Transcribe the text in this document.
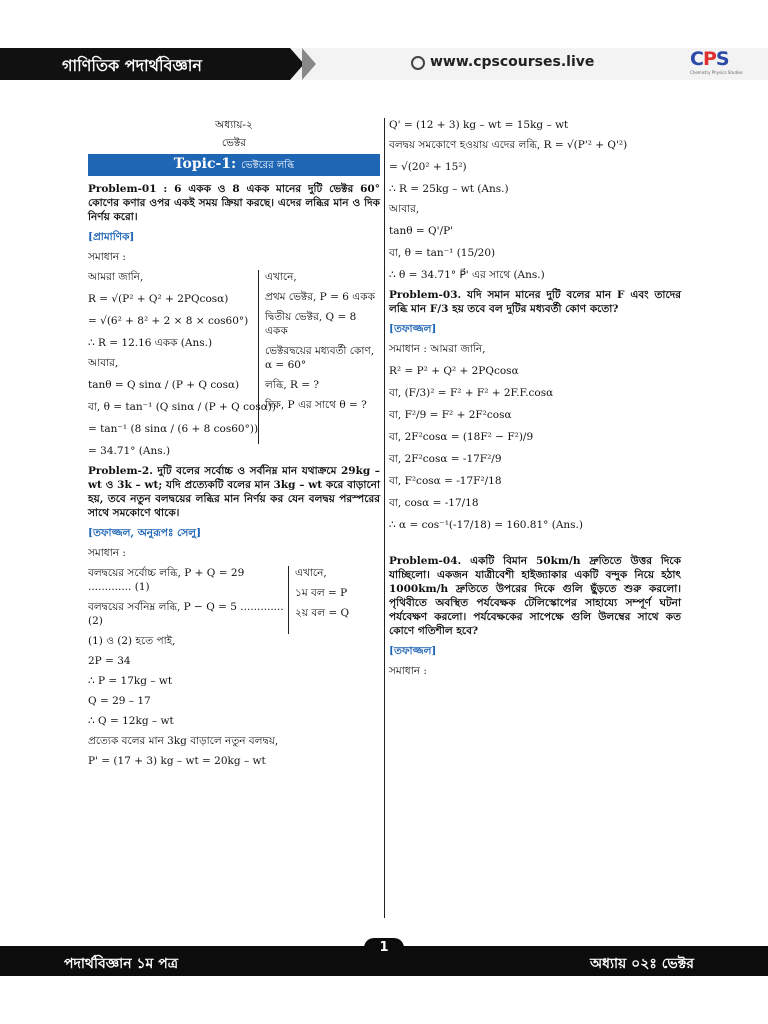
গাণিতিক পদার্থবিজ্ঞান	www.cpscourses.live	CPS
Chemistry Physics Studies
অধ্যায়-২
ভেক্টর
Topic-1: ভেক্টরের লব্ধি

Problem-01 : 6 একক ও 8 একক মানের দুটি ভেক্টর 60° কোণের কণার ওপর একই সময় ক্রিয়া করছে। এদের লব্ধির মান ও দিক নির্ণয় করো।

[প্রামাণিক]

সমাধান :

আমরা জানি,

R = √(P² + Q² + 2PQcosα)

= √(6² + 8² + 2 × 8 × cos60°)

∴ R = 12.16 একক (Ans.)

আবার,

tanθ = Q sinα / (P + Q cosα)

বা, θ = tan⁻¹ (Q sinα / (P + Q cosα))

= tan⁻¹ (8 sinα / (6 + 8 cos60°))

এখানে,

প্রথম ভেক্টর, P = 6 একক

দ্বিতীয় ভেক্টর, Q = 8 একক

ভেক্টরদ্বয়ের মধ্যবর্তী কোণ, α = 60°

লব্ধি, R = ?

দিক, P এর সাথে θ = ?

= 34.71° (Ans.)

Problem-2. দুটি বলের সর্বোচ্চ ও সর্বনিম্ন মান যথাক্রমে 29kg – wt ও 3k – wt; যদি প্রত্যেকটি বলের মান 3kg – wt করে বাড়ানো হয়, তবে নতুন বলদ্বয়ের লব্ধির মান নির্ণয় কর যেন বলদ্বয় পরস্পরের সাথে সমকোণে থাকে।

[তফাজ্জল, অনুরূপঃ সেলু]

সমাধান :

বলদ্বয়ের সর্বোচ্চ লব্ধি, P + Q = 29 ............. (1)

বলদ্বয়ের সর্বনিম্ন লব্ধি, P − Q = 5 ............. (2)

এখানে,

১ম বল = P

২য় বল = Q

(1) ও (2) হতে পাই,

2P = 34

∴ P = 17kg – wt

Q = 29 – 17

∴ Q = 12kg – wt

প্রত্যেক বলের মান 3kg বাড়ালে নতুন বলদ্বয়,

P' = (17 + 3) kg – wt = 20kg – wt

Q' = (12 + 3) kg – wt = 15kg – wt

বলদ্বয় সমকোণে হওয়ায় এদের লব্ধি, R = √(P'² + Q'²)

= √(20² + 15²)

∴ R = 25kg – wt (Ans.)

আবার,

tanθ = Q'/P'

বা, θ = tan⁻¹ (15/20)

∴ θ = 34.71° P⃗' এর সাথে (Ans.)

Problem-03. যদি সমান মানের দুটি বলের মান F এবং তাদের লব্ধি মান F/3 হয় তবে বল দুটির মধ্যবর্তী কোণ কতো?

[তফাজ্জল]

সমাধান : আমরা জানি,

R² = P² + Q² + 2PQcosα

বা, (F/3)² = F² + F² + 2F.F.cosα

বা, F²/9 = F² + 2F²cosα

বা, 2F²cosα = (18F² − F²)/9

বা, 2F²cosα = -17F²/9

বা, F²cosα = -17F²/18

বা, cosα = -17/18

∴ α = cos⁻¹(-17/18) = 160.81° (Ans.)

Problem-04. একটি বিমান 50km/h দ্রুতিতে উত্তর দিকে যাচ্ছিলো। একজন যাত্রীবেশী হাইজ্যাকার একটি বন্দুক নিয়ে হঠাৎ 1000km/h দ্রুতিতে উপরের দিকে গুলি ছুঁড়তে শুরু করলো। পৃথিবীতে অবস্থিত পর্যবেক্ষক টেলিস্কোপের সাহায্যে সম্পূর্ণ ঘটনা পর্যবেক্ষণ করলো। পর্যবেক্ষকের সাপেক্ষে গুলি উলম্বের সাথে কত কোণে গতিশীল হবে?

[তফাজ্জল]

সমাধান :

পদার্থবিজ্ঞান ১ম পত্র	অধ্যায় ০২ঃ ভেক্টর
1
